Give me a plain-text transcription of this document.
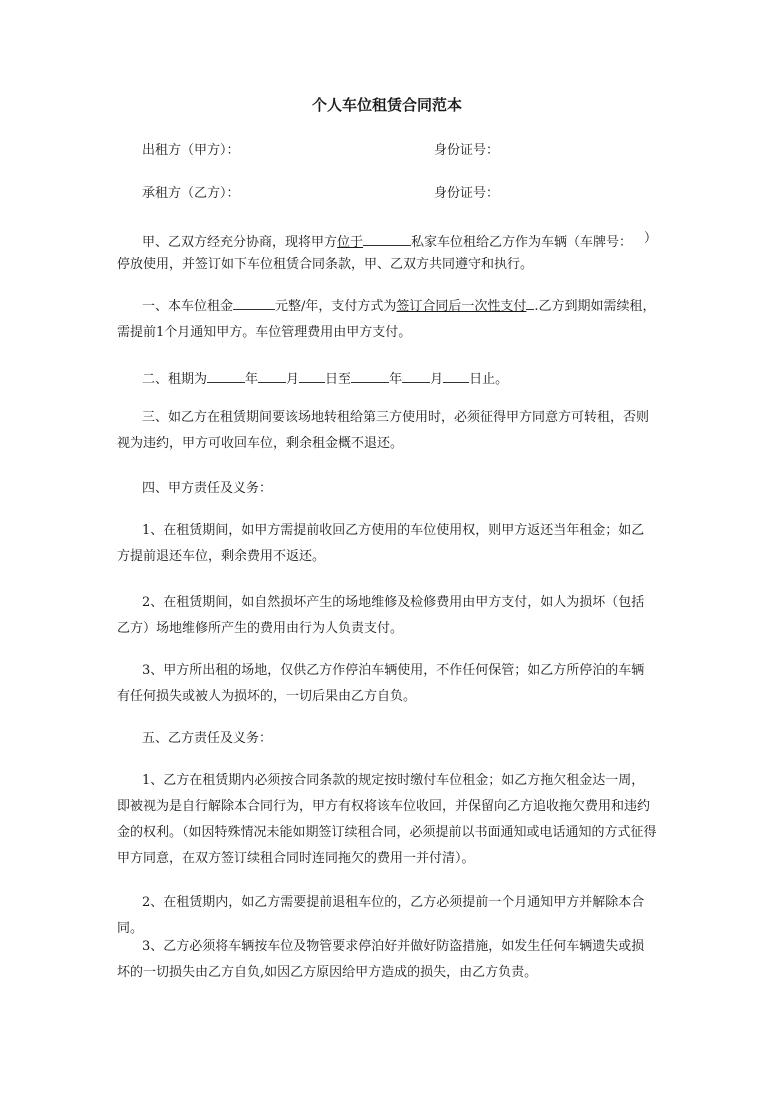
个人车位租赁合同范本
出租方（甲方）：	身份证号：
承租方（乙方）：	身份证号：
甲、乙双方经充分协商，现将甲方位于	私家车位租给乙方作为车辆（车牌号： ）
停放使用，并签订如下车位租赁合同条款，甲、乙双方共同遵守和执行。
一、本车位租金	元整/年，支付方式为签订合同后一次性支付 .乙方到期如需续租，需提前1个月通知甲方。车位管理费用由甲方支付。
二、租期为	年 月 日至	年 月 日止。
三、如乙方在租赁期间要该场地转租给第三方使用时，必须征得甲方同意方可转租，否则视为违约，甲方可收回车位，剩余租金概不退还。
四、甲方责任及义务：
1、在租赁期间，如甲方需提前收回乙方使用的车位使用权，则甲方返还当年租金；如乙方提前退还车位，剩余费用不返还。
2、在租赁期间，如自然损坏产生的场地维修及检修费用由甲方支付，如人为损坏（包括乙方）场地维修所产生的费用由行为人负责支付。
3、甲方所出租的场地，仅供乙方作停泊车辆使用，不作任何保管；如乙方所停泊的车辆有任何损失或被人为损坏的，一切后果由乙方自负。
五、乙方责任及义务：
1、乙方在租赁期内必须按合同条款的规定按时缴付车位租金；如乙方拖欠租金达一周，即被视为是自行解除本合同行为，甲方有权将该车位收回，并保留向乙方追收拖欠费用和违约金的权利。（如因特殊情况未能如期签订续租合同，必须提前以书面通知或电话通知的方式征得甲方同意，在双方签订续租合同时连同拖欠的费用一并付清）。
2、在租赁期内，如乙方需要提前退租车位的，乙方必须提前一个月通知甲方并解除本合同。
3、乙方必须将车辆按车位及物管要求停泊好并做好防盗措施，如发生任何车辆遗失或损坏的一切损失由乙方自负,如因乙方原因给甲方造成的损失，由乙方负责。
